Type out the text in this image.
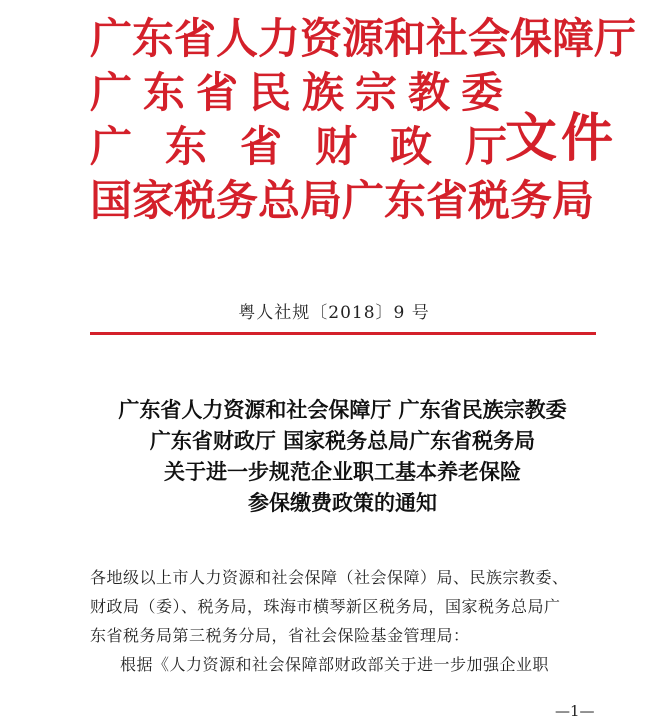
广东省人力资源和社会保障厅
广东省民族宗教委
广东省财政厅
国家税务总局广东省税务局
文件
粤人社规〔2018〕9 号
广东省人力资源和社会保障厅 广东省民族宗教委
广东省财政厅 国家税务总局广东省税务局
关于进一步规范企业职工基本养老保险
参保缴费政策的通知
各地级以上市人力资源和社会保障（社会保障）局、民族宗教委、
财政局（委）、税务局，珠海市横琴新区税务局，国家税务总局广
东省税务局第三税务分局，省社会保险基金管理局：
根据《人力资源和社会保障部财政部关于进一步加强企业职
—1—
